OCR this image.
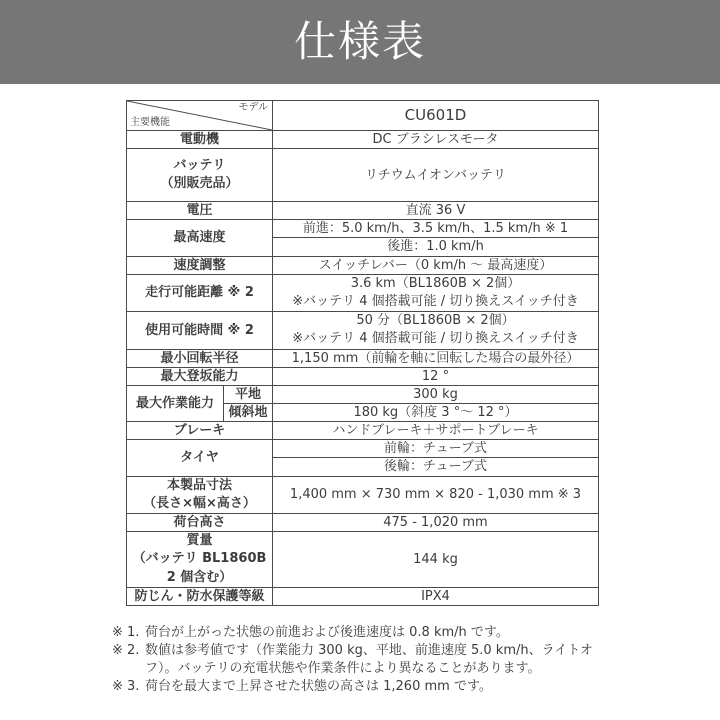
仕様表
モデル
主要機能		CU601D
電動機		DC ブラシレスモータ

バッテリ
（別販売品）		リチウムイオンバッテリ
電圧		直流 36 V
最高速度		前進：5.0 km/h、3.5 km/h、1.5 km/h ※ 1
		後進：1.0 km/h
速度調整		スイッチレバー（0 km/h ～ 最高速度）
走行可能距離 ※ 2		3.6 km（BL1860B × 2個）
※バッテリ 4 個搭載可能 / 切り換えスイッチ付き

使用可能時間 ※ 2		50 分（BL1860B × 2個）
※バッテリ 4 個搭載可能 / 切り換えスイッチ付き

最小回転半径		1,150 mm（前輪を軸に回転した場合の最外径）
最大登坂能力		12 °
最大作業能力	平地	300 kg
	傾斜地	180 kg（斜度 3 °～ 12 °）
ブレーキ		ハンドブレーキ＋サポートブレーキ
タイヤ		前輪：チューブ式
		後輪：チューブ式

本製品寸法
（長さ×幅×高さ）		1,400 mm × 730 mm × 820 - 1,030 mm ※ 3
荷台高さ		475 - 1,020 mm

質量
（バッテリ BL1860B
2 個含む）		144 kg
防じん・防水保護等級		IPX4
※ 1. 荷台が上がった状態の前進および後進速度は 0.8 km/h です。
※ 2. 数値は参考値です（作業能力 300 kg、平地、前進速度 5.0 km/h、ライトオフ）。バッテリの充電状態や作業条件により異なることがあります。
※ 3. 荷台を最大まで上昇させた状態の高さは 1,260 mm です。
